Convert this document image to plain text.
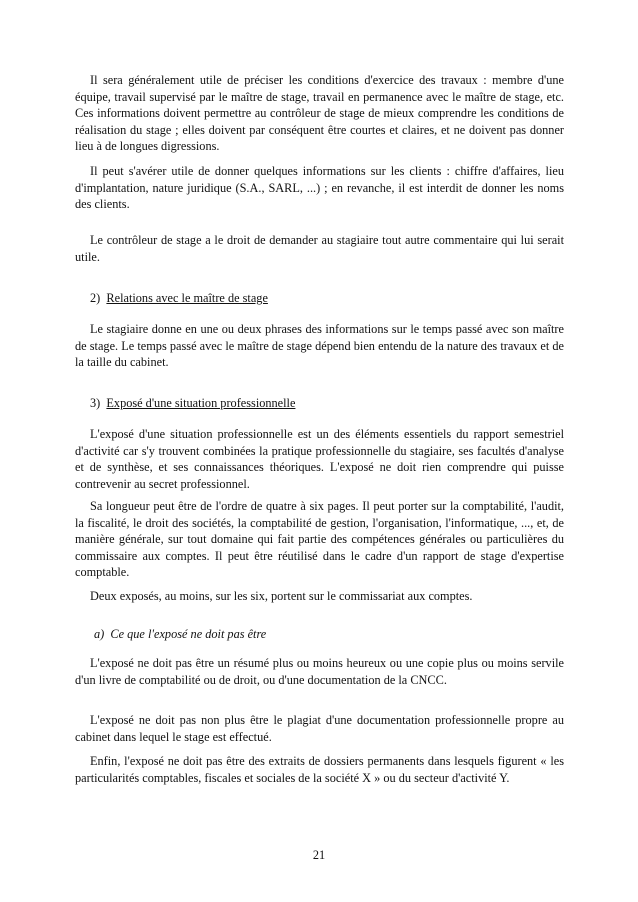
Il sera généralement utile de préciser les conditions d'exercice des travaux : membre d'une équipe, travail supervisé par le maître de stage, travail en permanence avec le maître de stage, etc. Ces informations doivent permettre au contrôleur de stage de mieux comprendre les conditions de réalisation du stage ; elles doivent par conséquent être courtes et claires, et ne doivent pas donner lieu à de longues digressions.

Il peut s'avérer utile de donner quelques informations sur les clients : chiffre d'affaires, lieu d'implantation, nature juridique (S.A., SARL, ...) ; en revanche, il est interdit de donner les noms des clients.

Le contrôleur de stage a le droit de demander au stagiaire tout autre commentaire qui lui serait utile.

2) Relations avec le maître de stage

Le stagiaire donne en une ou deux phrases des informations sur le temps passé avec son maître de stage. Le temps passé avec le maître de stage dépend bien entendu de la nature des travaux et de la taille du cabinet.

3) Exposé d'une situation professionnelle

L'exposé d'une situation professionnelle est un des éléments essentiels du rapport semestriel d'activité car s'y trouvent combinées la pratique professionnelle du stagiaire, ses facultés d'analyse et de synthèse, et ses connaissances théoriques. L'exposé ne doit rien comprendre qui puisse contrevenir au secret professionnel.

Sa longueur peut être de l'ordre de quatre à six pages. Il peut porter sur la comptabilité, l'audit, la fiscalité, le droit des sociétés, la comptabilité de gestion, l'organisation, l'informatique, ..., et, de manière générale, sur tout domaine qui fait partie des compétences générales ou particulières du commissaire aux comptes. Il peut être réutilisé dans le cadre d'un rapport de stage d'expertise comptable.

Deux exposés, au moins, sur les six, portent sur le commissariat aux comptes.

a) Ce que l'exposé ne doit pas être

L'exposé ne doit pas être un résumé plus ou moins heureux ou une copie plus ou moins servile d'un livre de comptabilité ou de droit, ou d'une documentation de la CNCC.

L'exposé ne doit pas non plus être le plagiat d'une documentation professionnelle propre au cabinet dans lequel le stage est effectué.

Enfin, l'exposé ne doit pas être des extraits de dossiers permanents dans lesquels figurent « les particularités comptables, fiscales et sociales de la société X » ou du secteur d'activité Y.

21
